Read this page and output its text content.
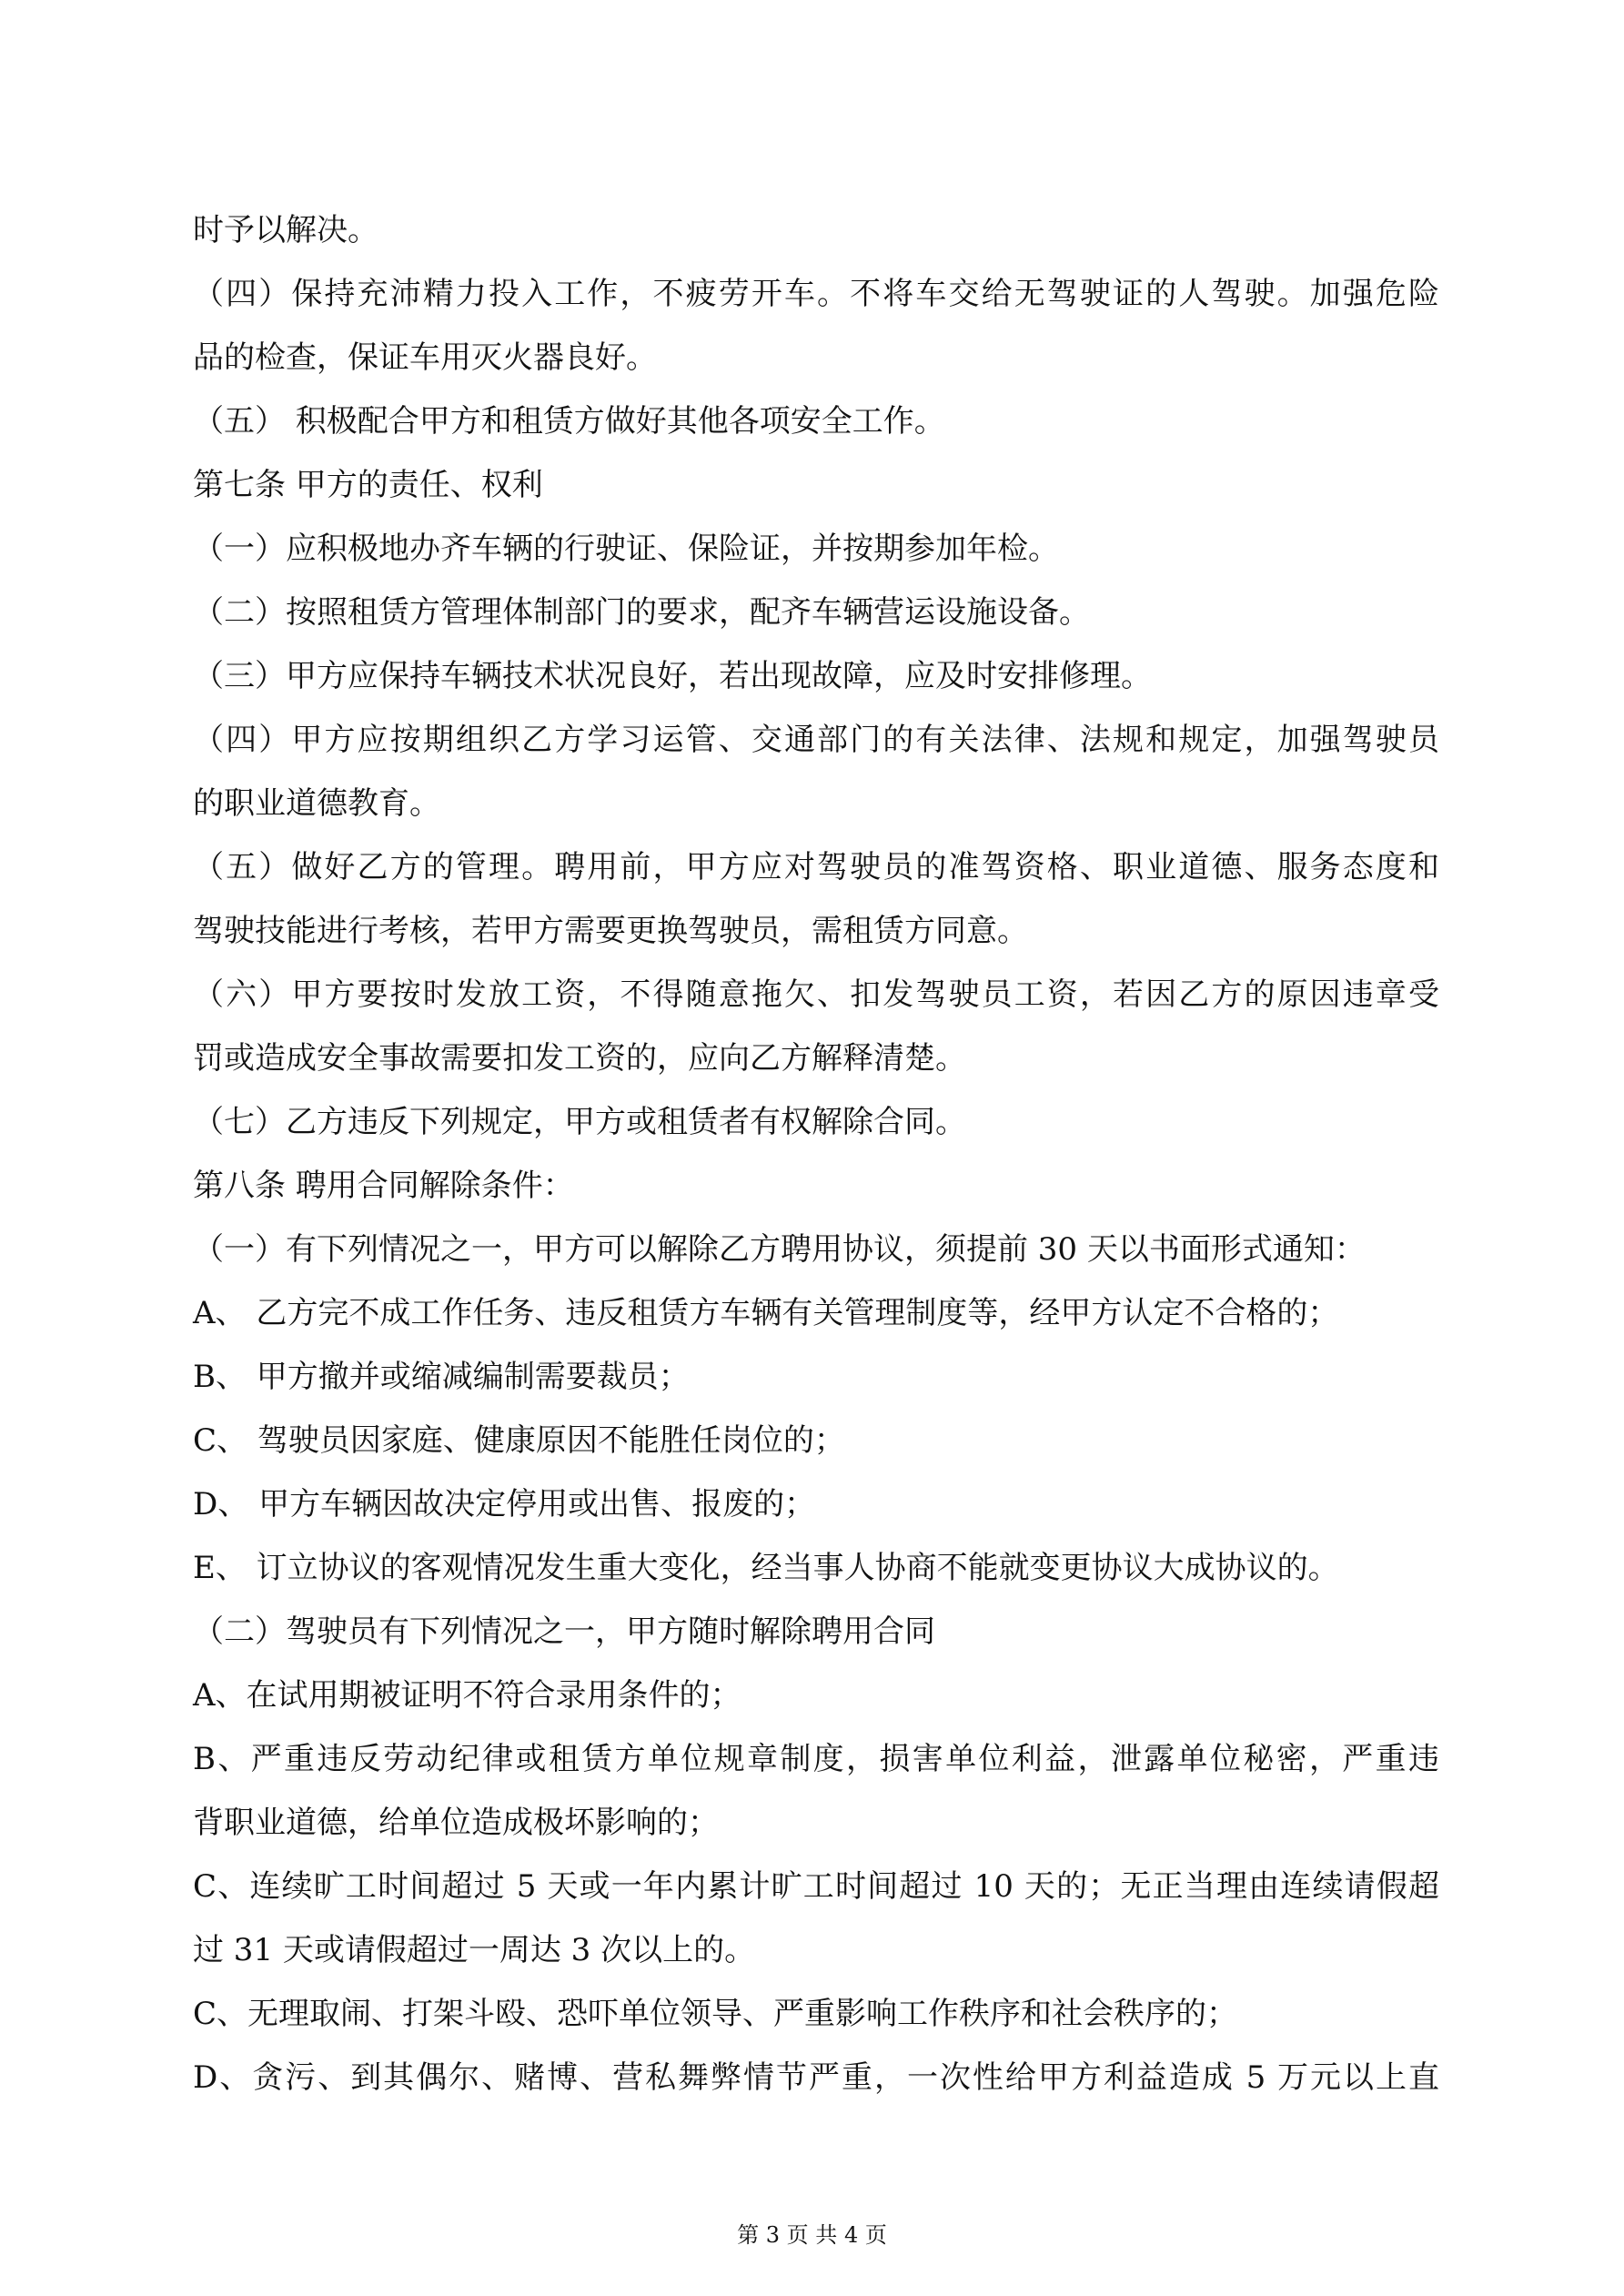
时予以解决。
（四）保持充沛精力投入工作，不疲劳开车。不将车交给无驾驶证的人驾驶。加强危险
品的检查，保证车用灭火器良好。
（五） 积极配合甲方和租赁方做好其他各项安全工作。
第七条 甲方的责任、权利
（一）应积极地办齐车辆的行驶证、保险证，并按期参加年检。
（二）按照租赁方管理体制部门的要求，配齐车辆营运设施设备。
（三）甲方应保持车辆技术状况良好，若出现故障，应及时安排修理。
（四）甲方应按期组织乙方学习运管、交通部门的有关法律、法规和规定，加强驾驶员
的职业道德教育。
（五）做好乙方的管理。聘用前，甲方应对驾驶员的准驾资格、职业道德、服务态度和
驾驶技能进行考核，若甲方需要更换驾驶员，需租赁方同意。
（六）甲方要按时发放工资，不得随意拖欠、扣发驾驶员工资，若因乙方的原因违章受
罚或造成安全事故需要扣发工资的，应向乙方解释清楚。
（七）乙方违反下列规定，甲方或租赁者有权解除合同。
第八条 聘用合同解除条件：
（一）有下列情况之一，甲方可以解除乙方聘用协议，须提前 30 天以书面形式通知：
A、 乙方完不成工作任务、违反租赁方车辆有关管理制度等，经甲方认定不合格的；
B、 甲方撤并或缩减编制需要裁员；
C、 驾驶员因家庭、健康原因不能胜任岗位的；
D、 甲方车辆因故决定停用或出售、报废的；
E、 订立协议的客观情况发生重大变化，经当事人协商不能就变更协议大成协议的。
（二）驾驶员有下列情况之一，甲方随时解除聘用合同
A、在试用期被证明不符合录用条件的；
B、严重违反劳动纪律或租赁方单位规章制度，损害单位利益，泄露单位秘密，严重违
背职业道德，给单位造成极坏影响的；
C、连续旷工时间超过 5 天或一年内累计旷工时间超过 10 天的；无正当理由连续请假超
过 31 天或请假超过一周达 3 次以上的。
C、无理取闹、打架斗殴、恐吓单位领导、严重影响工作秩序和社会秩序的；
D、贪污、到其偶尔、赌博、营私舞弊情节严重，一次性给甲方利益造成 5 万元以上直
第 3 页 共 4 页
